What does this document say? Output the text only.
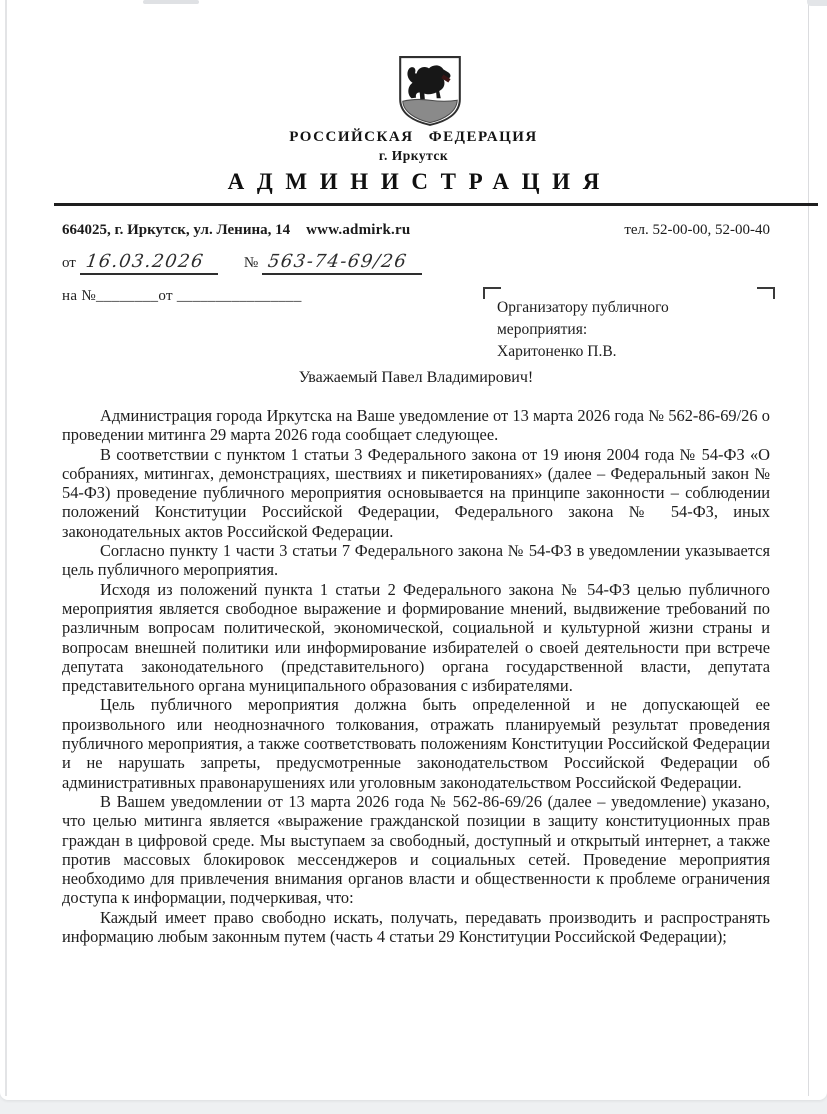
РОССИЙСКАЯ ФЕДЕРАЦИЯ
г. Иркутск
АДМИНИСТРАЦИЯ
664025, г. Иркутск, ул. Ленина, 14 www.admirk.ru	тел. 52-00-00, 52-00-40
от 16.03.2026	№ 563-74-69/26
на №________от ________________
Организатору публичного
мероприятия:
Харитоненко П.В.
Уважаемый Павел Владимирович!

Администрация города Иркутска на Ваше уведомление от 13 марта 2026 года № 562-86-69/26 о проведении митинга 29 марта 2026 года сообщает следующее.

В соответствии с пунктом 1 статьи 3 Федерального закона от 19 июня 2004 года № 54-ФЗ «О собраниях, митингах, демонстрациях, шествиях и пикетированиях» (далее – Федеральный закон № 54-ФЗ) проведение публичного мероприятия основывается на принципе законности – соблюдении положений Конституции Российской Федерации, Федерального закона № 54-ФЗ, иных законодательных актов Российской Федерации.

Согласно пункту 1 части 3 статьи 7 Федерального закона № 54-ФЗ в уведомлении указывается цель публичного мероприятия.

Исходя из положений пункта 1 статьи 2 Федерального закона № 54-ФЗ целью публичного мероприятия является свободное выражение и формирование мнений, выдвижение требований по различным вопросам политической, экономической, социальной и культурной жизни страны и вопросам внешней политики или информирование избирателей о своей деятельности при встрече депутата законодательного (представительного) органа государственной власти, депутата представительного органа муниципального образования с избирателями.

Цель публичного мероприятия должна быть определенной и не допускающей ее произвольного или неоднозначного толкования, отражать планируемый результат проведения публичного мероприятия, а также соответствовать положениям Конституции Российской Федерации и не нарушать запреты, предусмотренные законодательством Российской Федерации об административных правонарушениях или уголовным законодательством Российской Федерации.

В Вашем уведомлении от 13 марта 2026 года № 562-86-69/26 (далее – уведомление) указано, что целью митинга является «выражение гражданской позиции в защиту конституционных прав граждан в цифровой среде. Мы выступаем за свободный, доступный и открытый интернет, а также против массовых блокировок мессенджеров и социальных сетей. Проведение мероприятия необходимо для привлечения внимания органов власти и общественности к проблеме ограничения доступа к информации, подчеркивая, что:

Каждый имеет право свободно искать, получать, передавать производить и распространять информацию любым законным путем (часть 4 статьи 29 Конституции Российской Федерации);
